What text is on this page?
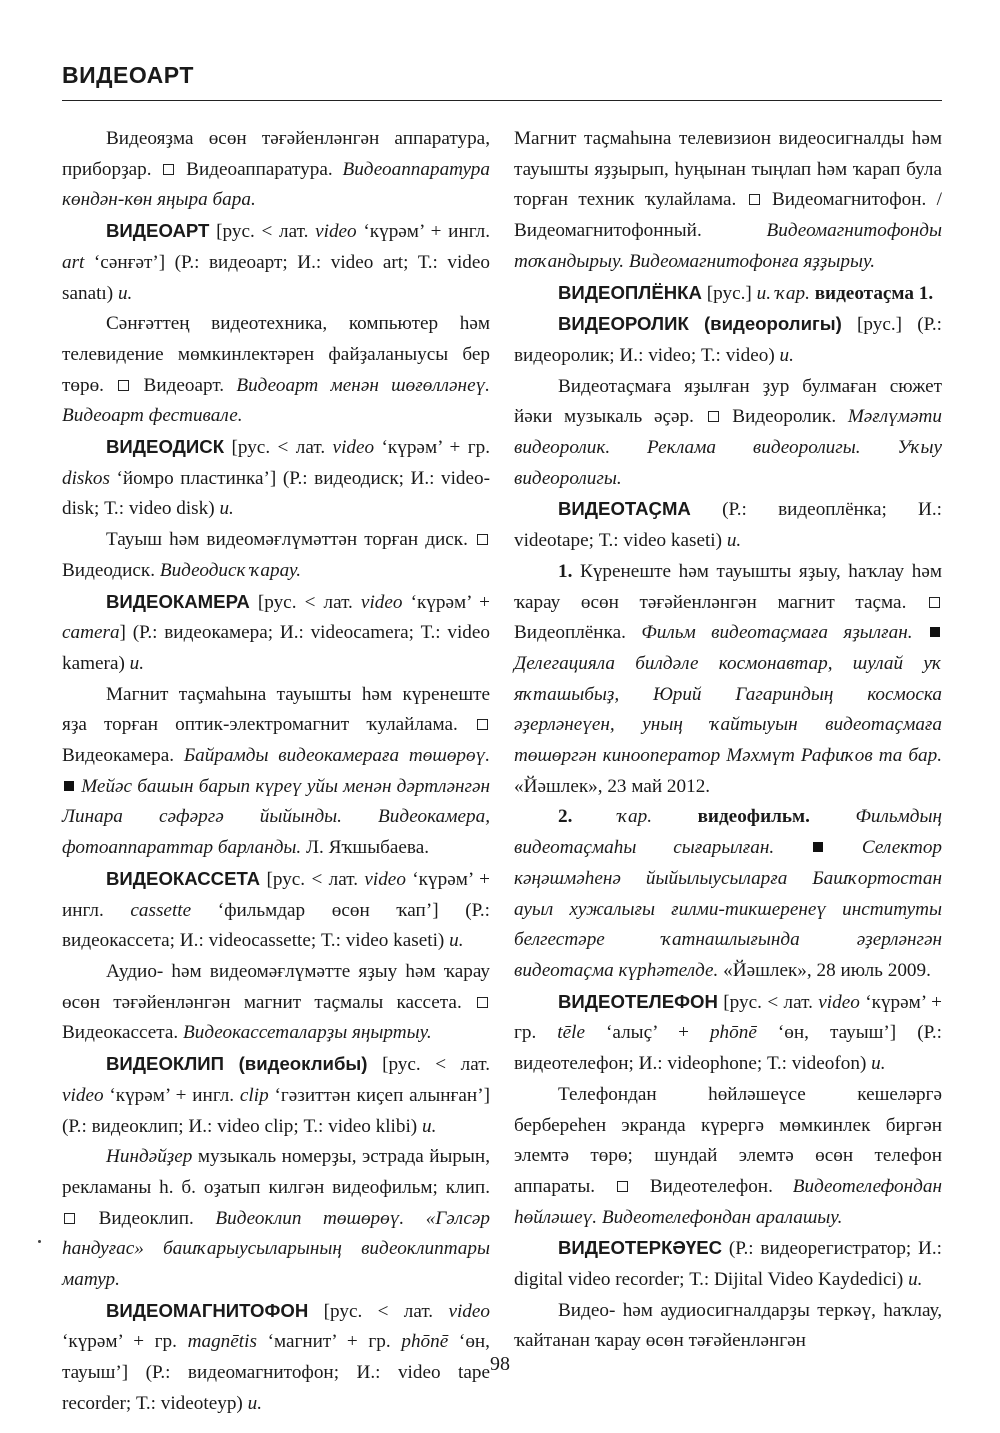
ВИДЕОАРТ

Видеояҙма өсөн тәғәйенләнгән аппаратура, приборҙар.  Видеоаппаратура. Видеоаппаратура көндән-көн яңыра бара.

ВИДЕОАРТ [рус. < лат. video ‘күрәм’ + ингл. art ‘сәнғәт’] (Р.: видеоарт; И.: video art; Т.: video sanatı) и.

Сәнғәттең видеотехника, компьютер һәм телевидение мөмкинлектәрен файҙаланыусы бер төрө.  Видеоарт. Видеоарт менән шөғөлләнеү. Видеоарт фестивале.

ВИДЕОДИСК [рус. < лат. video ‘күрәм’ + гр. diskos ‘йомро пластинка’] (Р.: видеодиск; И.: video-disk; Т.: video disk) и.

Тауыш һәм видеомәғлүмәттән торған диск.  Видеодиск. Видеодиск ҡарау.

ВИДЕОКАМЕРА [рус. < лат. video ‘күрәм’ + camera] (Р.: видеокамера; И.: videocamera; Т.: video kamera) и.

Магнит таҫмаһына тауышты һәм күренеште яҙа торған оптик-электромагнит ҡулайлама.  Видеокамера. Байрамды видеокамераға төшөрөү.  Мейәс башын барып күреү уйы менән дәртләнгән Линара сәфәргә йыйынды. Видеокамера, фотоаппараттар барланды. Л. Яҡшыбаева.

ВИДЕОКАССЕТА [рус. < лат. video ‘күрәм’ + ингл. cassette ‘фильмдар өсөн ҡап’] (Р.: видеокассета; И.: videocassette; Т.: video kaseti) и.

Аудио- һәм видеомәғлүмәтте яҙыу һәм ҡарау өсөн тәғәйенләнгән магнит таҫмалы кассета.  Видеокассета. Видеокассеталарҙы яңыртыу.

ВИДЕОКЛИП (видеоклибы) [рус. < лат. video ‘күрәм’ + ингл. clip ‘гәзиттән киҫеп алынған’] (Р.: видеоклип; И.: video clip; Т.: video klibi) и.

Ниндәйҙер музыкаль номерҙы, эстрада йырын, рекламаны һ. б. оҙатып килгән видеофильм; клип.  Видеоклип. Видеоклип төшөрөү. «Гәлсәр һандуғас» башҡарыусыларының видеоклиптары матур.

ВИДЕОМАГНИТОФОН [рус. < лат. video ‘күрәм’ + гр. magnētis ‘магнит’ + гр. phōnē ‘өн, тауыш’] (Р.: видеомагнитофон; И.: video tape recorder; Т.: videoteyp) и.

Магнит таҫмаһына телевизион видеосигналды һәм тауышты яҙҙырып, һуңынан тыңлап һәм ҡарап була торған техник ҡулайлама.  Видеомагнитофон. / Видеомагнитофонный. Видеомагнитофонды тоҡандырыу. Видеомагнитофонға яҙҙырыу.

ВИДЕОПЛЁНКА [рус.] и. ҡар. видеотаҫма 1.

ВИДЕОРОЛИК (видеоролигы) [рус.] (Р.: видеоролик; И.: video; Т.: video) и.

Видеотаҫмаға яҙылған ҙур булмаған сюжет йәки музыкаль әҫәр.  Видеоролик. Мәғлүмәти видеоролик. Реклама видеоролигы. Уҡыу видеоролигы.

ВИДЕОТАҪМА (Р.: видеоплёнка; И.: videotape; Т.: video kaseti) и.

1. Күренеште һәм тауышты яҙыу, һаҡлау һәм ҡарау өсөн тәғәйенләнгән магнит таҫма.  Видеоплёнка. Фильм видеотаҫмаға яҙылған.  Делегацияла билдәле космонавтар, шулай уҡ яҡташыбыҙ, Юрий Гагариндың космоска әҙерләнеүен, уның ҡайтыуын видеотаҫмаға төшөргән кинооператор Мәхмүт Рафиҡов та бар. «Йәшлек», 23 май 2012.

2. ҡар. видеофильм. Фильмдың видеотаҫмаһы сығарылған.	Селектор кәңәшмәһенә йыйылыусыларға Башҡортостан ауыл хужалығы ғилми-тикшеренеү институты белгестәре ҡатнашлығында әҙерләнгән видеотаҫма күрһәтелде. «Йәшлек», 28 июль 2009.

ВИДЕОТЕЛЕФОН [рус. < лат. video ‘күрәм’ + гр. tēle ‘алыҫ’ + phōnē ‘өн, тауыш’] (Р.: видеотелефон; И.: videophone; Т.: videofon) и.

Телефондан һөйләшеүсе кешеләргә бербереһен экранда күрергә мөмкинлек биргән элемтә төрө; шундай элемтә өсөн телефон аппараты.  Видеотелефон. Видеотелефондан һөйләшеү. Видеотелефондан аралашыу.

ВИДЕОТЕРКӘҮЕС (Р.: видеорегистратор; И.: digital video recorder; Т.: Dijital Video Kaydedici) и.

Видео- һәм аудиосигналдарҙы теркәү, һаҡлау, ҡайтанан ҡарау өсөн тәғәйенләнгән

98
